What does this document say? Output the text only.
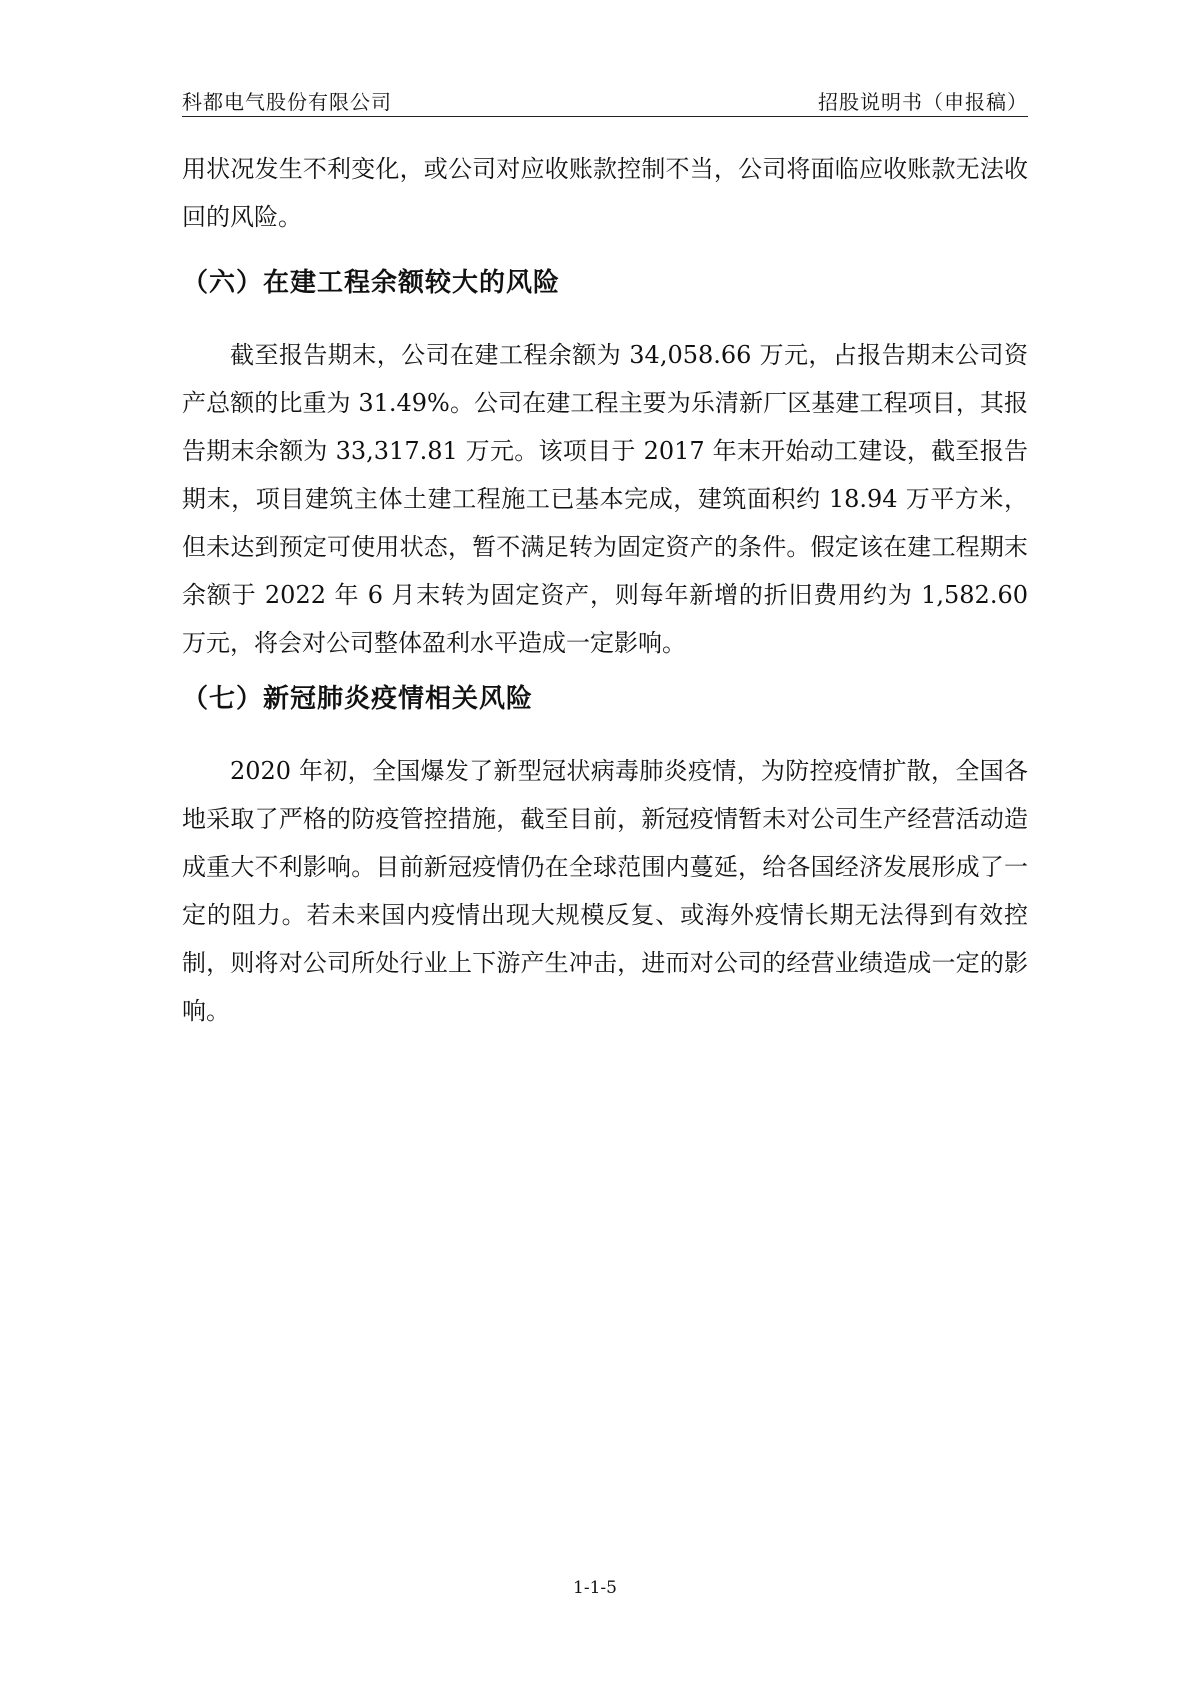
科都电气股份有限公司	招股说明书（申报稿）

用状况发生不利变化，或公司对应收账款控制不当，公司将面临应收账款无法收回的风险。

（六）在建工程余额较大的风险

截至报告期末，公司在建工程余额为 34,058.66 万元，占报告期末公司资产总额的比重为 31.49%。公司在建工程主要为乐清新厂区基建工程项目，其报告期末余额为 33,317.81 万元。该项目于 2017 年末开始动工建设，截至报告期末，项目建筑主体土建工程施工已基本完成，建筑面积约 18.94 万平方米，但未达到预定可使用状态，暂不满足转为固定资产的条件。假定该在建工程期末余额于 2022 年 6 月末转为固定资产，则每年新增的折旧费用约为 1,582.60 万元，将会对公司整体盈利水平造成一定影响。

（七）新冠肺炎疫情相关风险

2020 年初，全国爆发了新型冠状病毒肺炎疫情，为防控疫情扩散，全国各地采取了严格的防疫管控措施，截至目前，新冠疫情暂未对公司生产经营活动造成重大不利影响。目前新冠疫情仍在全球范围内蔓延，给各国经济发展形成了一定的阻力。若未来国内疫情出现大规模反复、或海外疫情长期无法得到有效控制，则将对公司所处行业上下游产生冲击，进而对公司的经营业绩造成一定的影响。

1-1-5
